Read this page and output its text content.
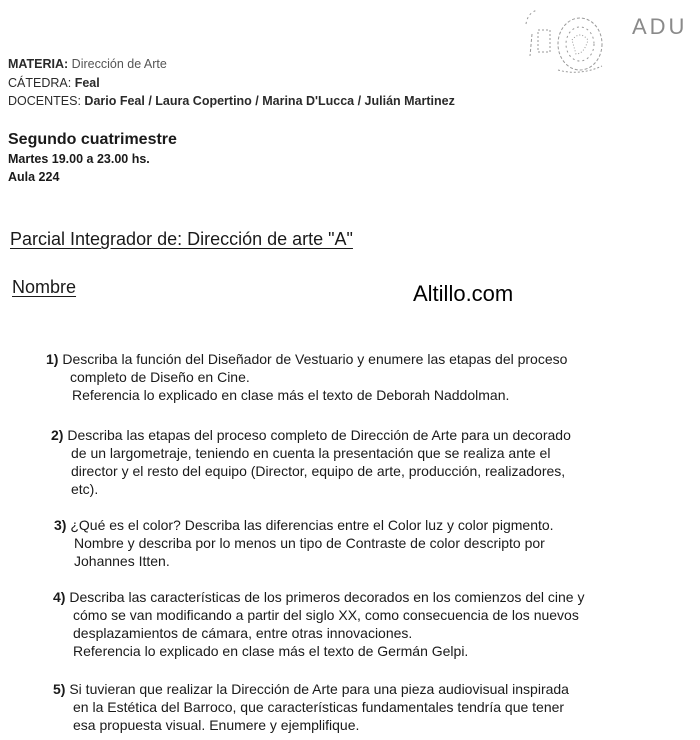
ADU
MATERIA: Dirección de Arte
CÁTEDRA: Feal
DOCENTES: Dario Feal / Laura Copertino / Marina D'Lucca / Julián Martinez
Segundo cuatrimestre
Martes 19.00 a 23.00 hs.
Aula 224
Parcial Integrador de: Dirección de arte "A"
Nombre	Altillo.com
1) Describa la función del Diseñador de Vestuario y enumere las etapas del proceso
completo de Diseño en Cine.
Referencia lo explicado en clase más el texto de Deborah Naddolman.
2) Describa las etapas del proceso completo de Dirección de Arte para un decorado
de un largometraje, teniendo en cuenta la presentación que se realiza ante el
director y el resto del equipo (Director, equipo de arte, producción, realizadores,
etc).
3) ¿Qué es el color? Describa las diferencias entre el Color luz y color pigmento.
Nombre y describa por lo menos un tipo de Contraste de color descripto por
Johannes Itten.
4) Describa las características de los primeros decorados en los comienzos del cine y
cómo se van modificando a partir del siglo XX, como consecuencia de los nuevos
desplazamientos de cámara, entre otras innovaciones.
Referencia lo explicado en clase más el texto de Germán Gelpi.
5) Si tuvieran que realizar la Dirección de Arte para una pieza audiovisual inspirada
en la Estética del Barroco, que características fundamentales tendría que tener
esa propuesta visual. Enumere y ejemplifique.
